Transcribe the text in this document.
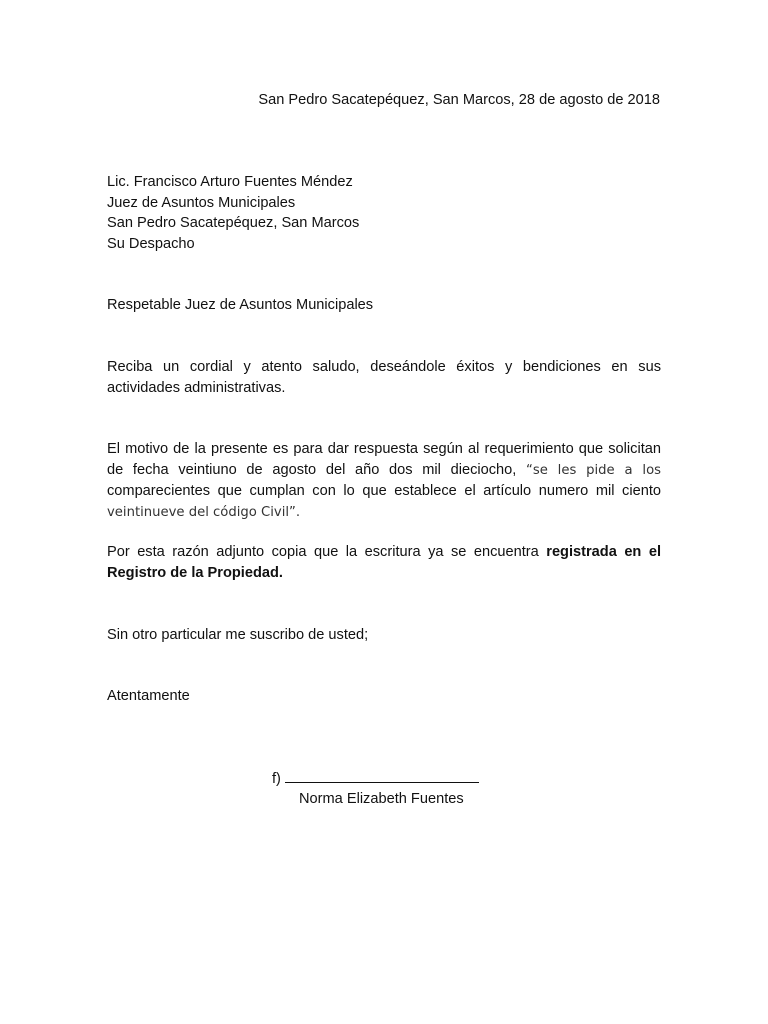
San Pedro Sacatepéquez, San Marcos, 28 de agosto de 2018
Lic. Francisco Arturo Fuentes Méndez
Juez de Asuntos Municipales
San Pedro Sacatepéquez, San Marcos
Su Despacho
Respetable Juez de Asuntos Municipales
Reciba un cordial y atento saludo, deseándole éxitos y bendiciones en sus actividades administrativas.
El motivo de la presente es para dar respuesta según al requerimiento que solicitan de fecha veintiuno de agosto del año dos mil dieciocho, “se les pide a los comparecientes que cumplan con lo que establece el artículo numero mil ciento veintinueve del código Civil”.
Por esta razón adjunto copia que la escritura ya se encuentra registrada en el Registro de la Propiedad.
Sin otro particular me suscribo de usted;
Atentamente
f)
Norma Elizabeth Fuentes
